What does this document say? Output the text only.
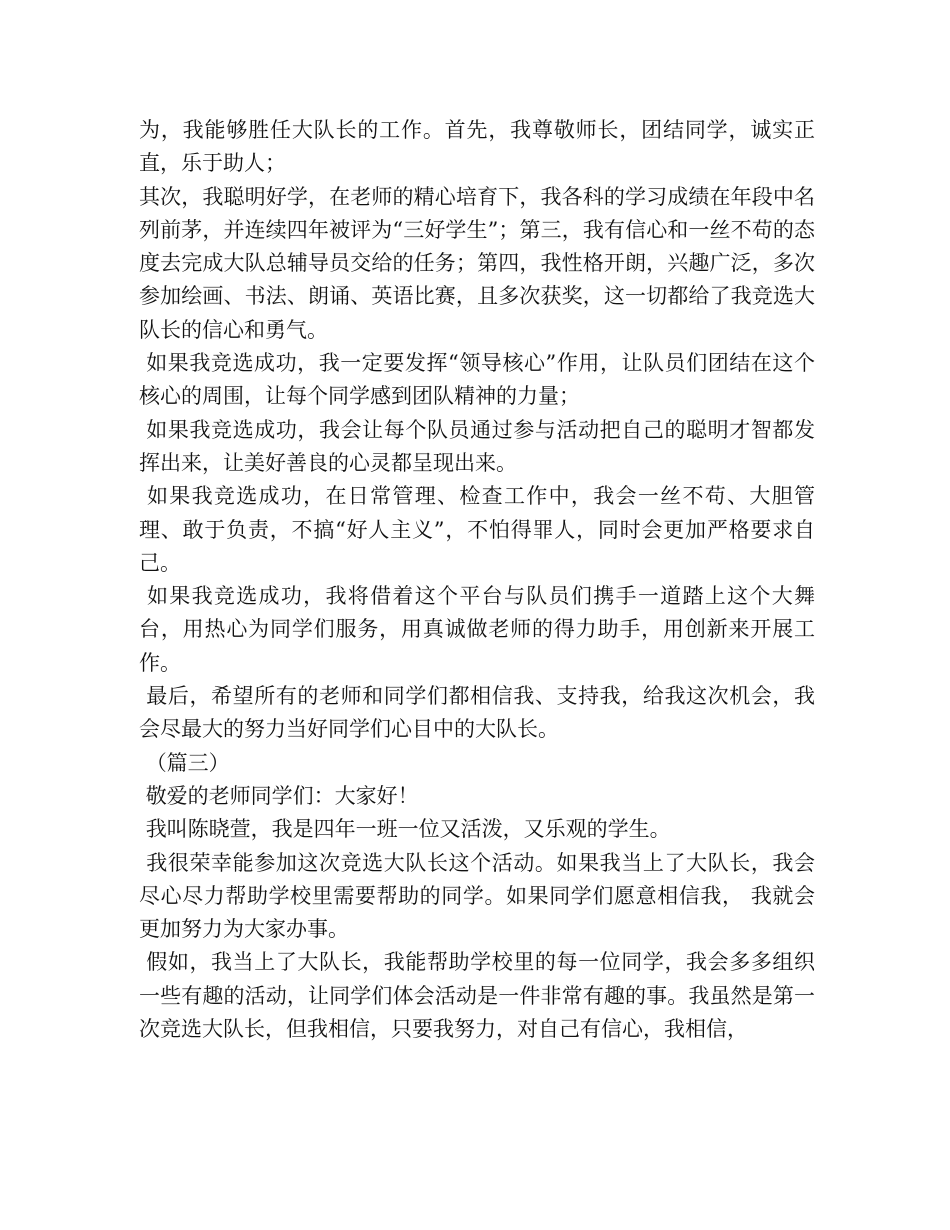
为，我能够胜任大队长的工作。首先，我尊敬师长，团结同学，诚实正直，乐于助人；

其次，我聪明好学，在老师的精心培育下，我各科的学习成绩在年段中名列前茅，并连续四年被评为“三好学生”；第三，我有信心和一丝不苟的态度去完成大队总辅导员交给的任务；第四，我性格开朗，兴趣广泛，多次参加绘画、书法、朗诵、英语比赛，且多次获奖，这一切都给了我竞选大队长的信心和勇气。

如果我竞选成功，我一定要发挥“领导核心”作用，让队员们团结在这个核心的周围，让每个同学感到团队精神的力量；

如果我竞选成功，我会让每个队员通过参与活动把自己的聪明才智都发挥出来，让美好善良的心灵都呈现出来。

如果我竞选成功，在日常管理、检查工作中，我会一丝不苟、大胆管理、敢于负责，不搞“好人主义”，不怕得罪人，同时会更加严格要求自己。

如果我竞选成功，我将借着这个平台与队员们携手一道踏上这个大舞台，用热心为同学们服务，用真诚做老师的得力助手，用创新来开展工作。

最后，希望所有的老师和同学们都相信我、支持我，给我这次机会，我会尽最大的努力当好同学们心目中的大队长。

（篇三）

敬爱的老师同学们：大家好！

我叫陈晓萱，我是四年一班一位又活泼，又乐观的学生。

我很荣幸能参加这次竞选大队长这个活动。如果我当上了大队长，我会尽心尽力帮助学校里需要帮助的同学。如果同学们愿意相信我， 我就会更加努力为大家办事。

假如，我当上了大队长，我能帮助学校里的每一位同学，我会多多组织一些有趣的活动，让同学们体会活动是一件非常有趣的事。我虽然是第一次竞选大队长，但我相信，只要我努力，对自己有信心，我相信，
